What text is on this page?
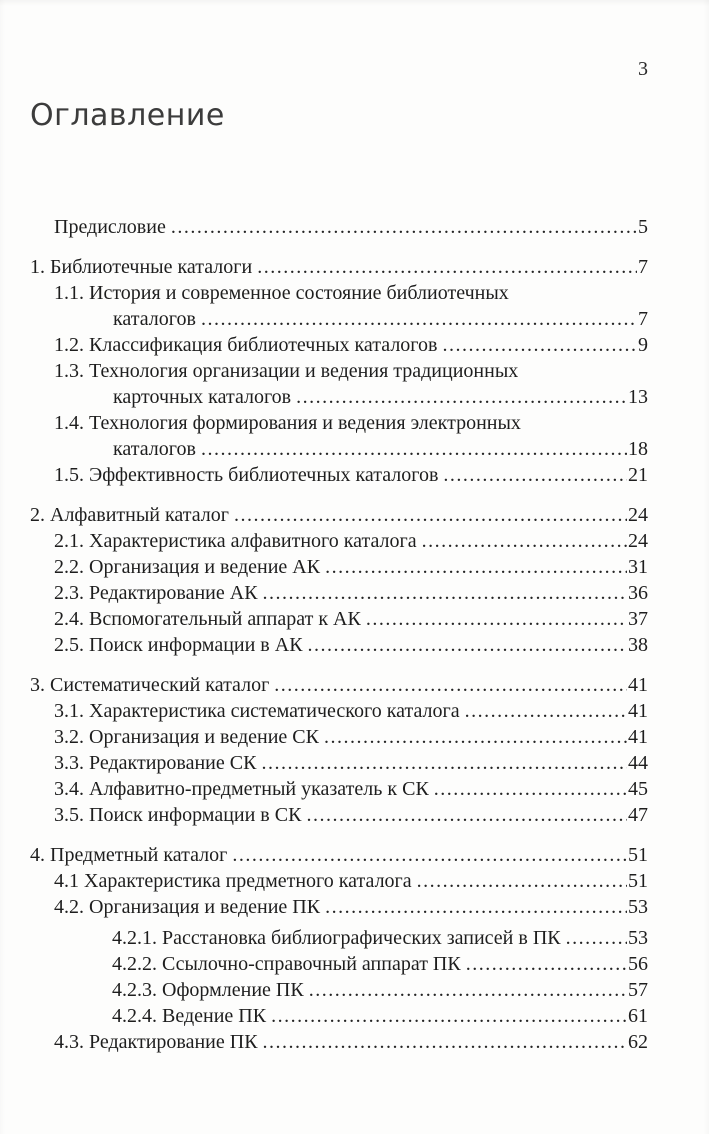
3
Оглавление
Предисловие .....	5
1. Библиотечные каталоги .....	7
1.1. История и современное состояние библиотечных
каталогов .....	7
1.2. Классификация библиотечных каталогов .....	9
1.3. Технология организации и ведения традиционных
карточных каталогов .....	13
1.4. Технология формирования и ведения электронных
каталогов .....	18
1.5. Эффективность библиотечных каталогов .....	21
2. Алфавитный каталог .....	24
2.1. Характеристика алфавитного каталога .....	24
2.2. Организация и ведение АК .....	31
2.3. Редактирование АК .....	36
2.4. Вспомогательный аппарат к АК .....	37
2.5. Поиск информации в АК .....	38
3. Систематический каталог .....	41
3.1. Характеристика систематического каталога .....	41
3.2. Организация и ведение СК .....	41
3.3. Редактирование СК .....	44
3.4. Алфавитно-предметный указатель к СК .....	45
3.5. Поиск информации в СК .....	47
4. Предметный каталог .....	51
4.1 Характеристика предметного каталога .....	51
4.2. Организация и ведение ПК .....	53
4.2.1. Расстановка библиографических записей в ПК .....	53
4.2.2. Ссылочно-справочный аппарат ПК .....	56
4.2.3. Оформление ПК .....	57
4.2.4. Ведение ПК .....	61
4.3. Редактирование ПК .....	62
